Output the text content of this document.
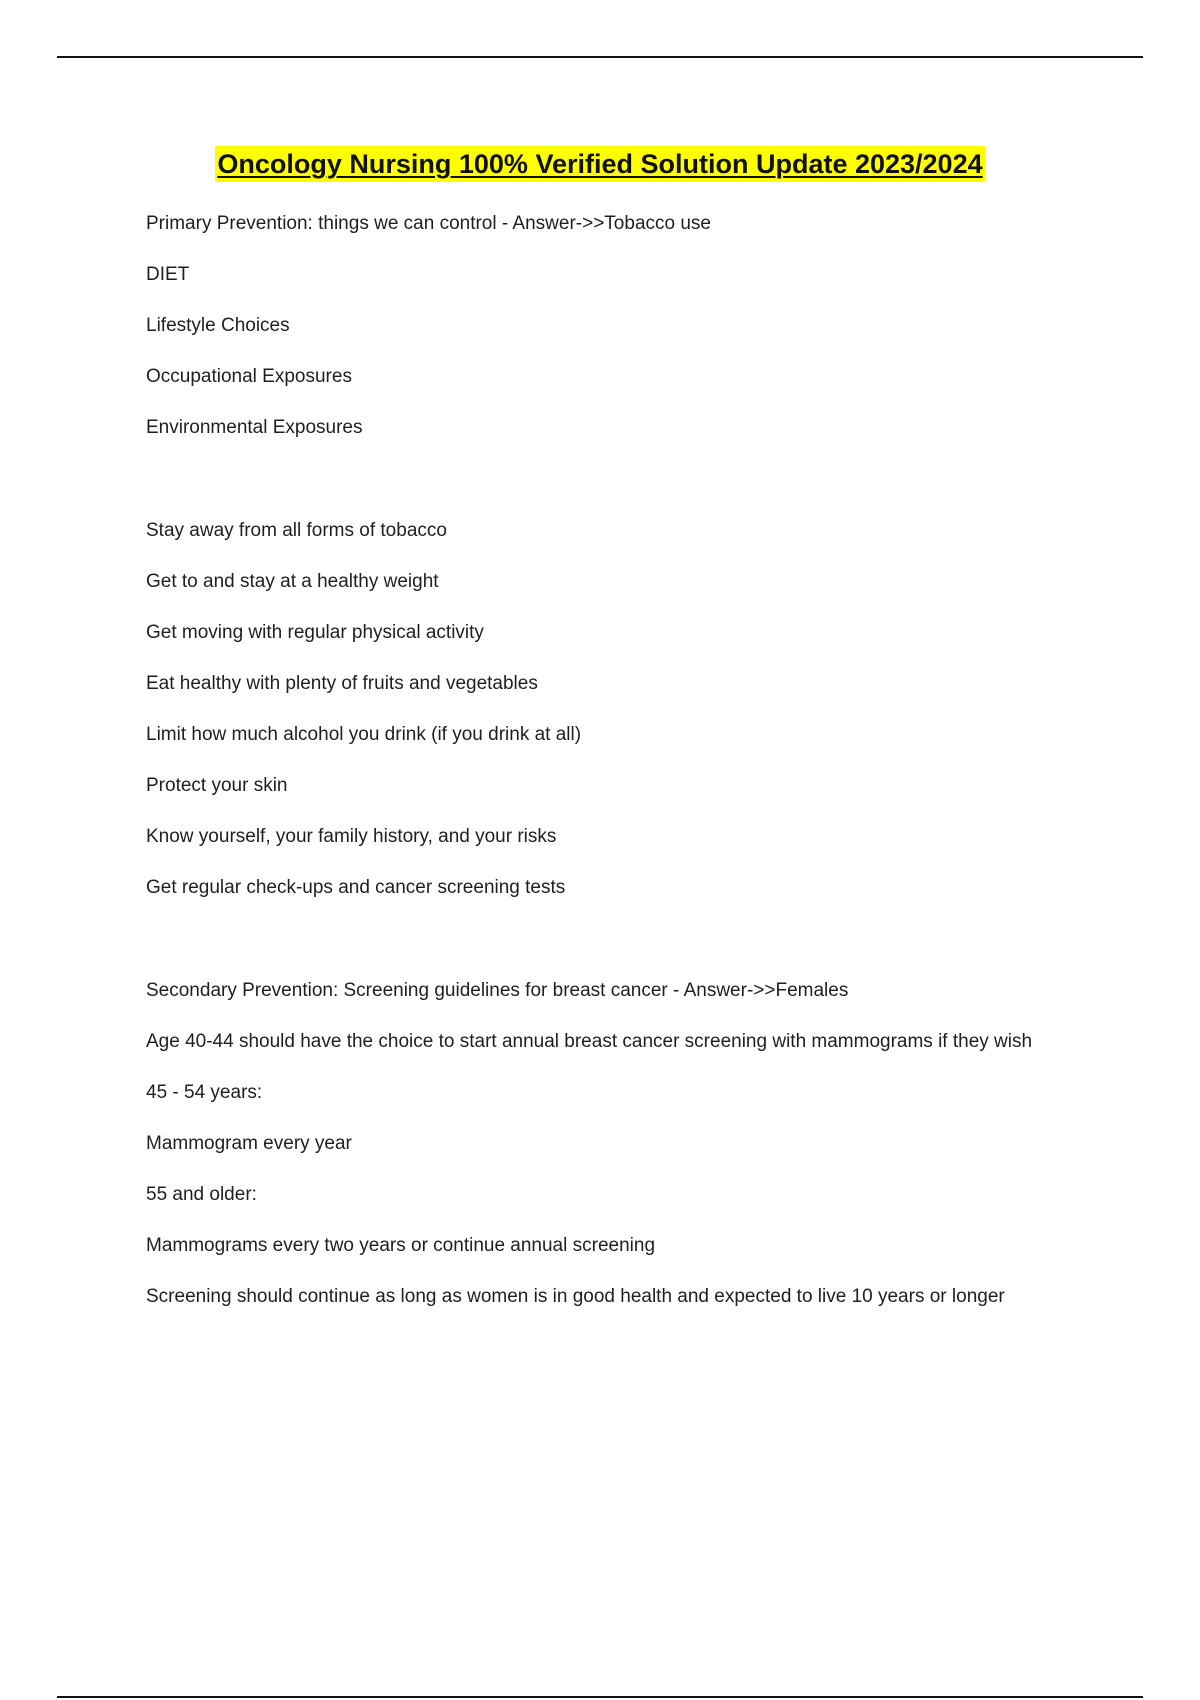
Oncology Nursing 100% Verified Solution Update 2023/2024
Primary Prevention: things we can control - Answer->>Tobacco use
DIET
Lifestyle Choices
Occupational Exposures
Environmental Exposures
Stay away from all forms of tobacco
Get to and stay at a healthy weight
Get moving with regular physical activity
Eat healthy with plenty of fruits and vegetables
Limit how much alcohol you drink (if you drink at all)
Protect your skin
Know yourself, your family history, and your risks
Get regular check-ups and cancer screening tests
Secondary Prevention: Screening guidelines for breast cancer - Answer->>Females
Age 40-44 should have the choice to start annual breast cancer screening with mammograms if they wish
45 - 54 years:
Mammogram every year
55 and older:
Mammograms every two years or continue annual screening
Screening should continue as long as women is in good health and expected to live 10 years or longer
